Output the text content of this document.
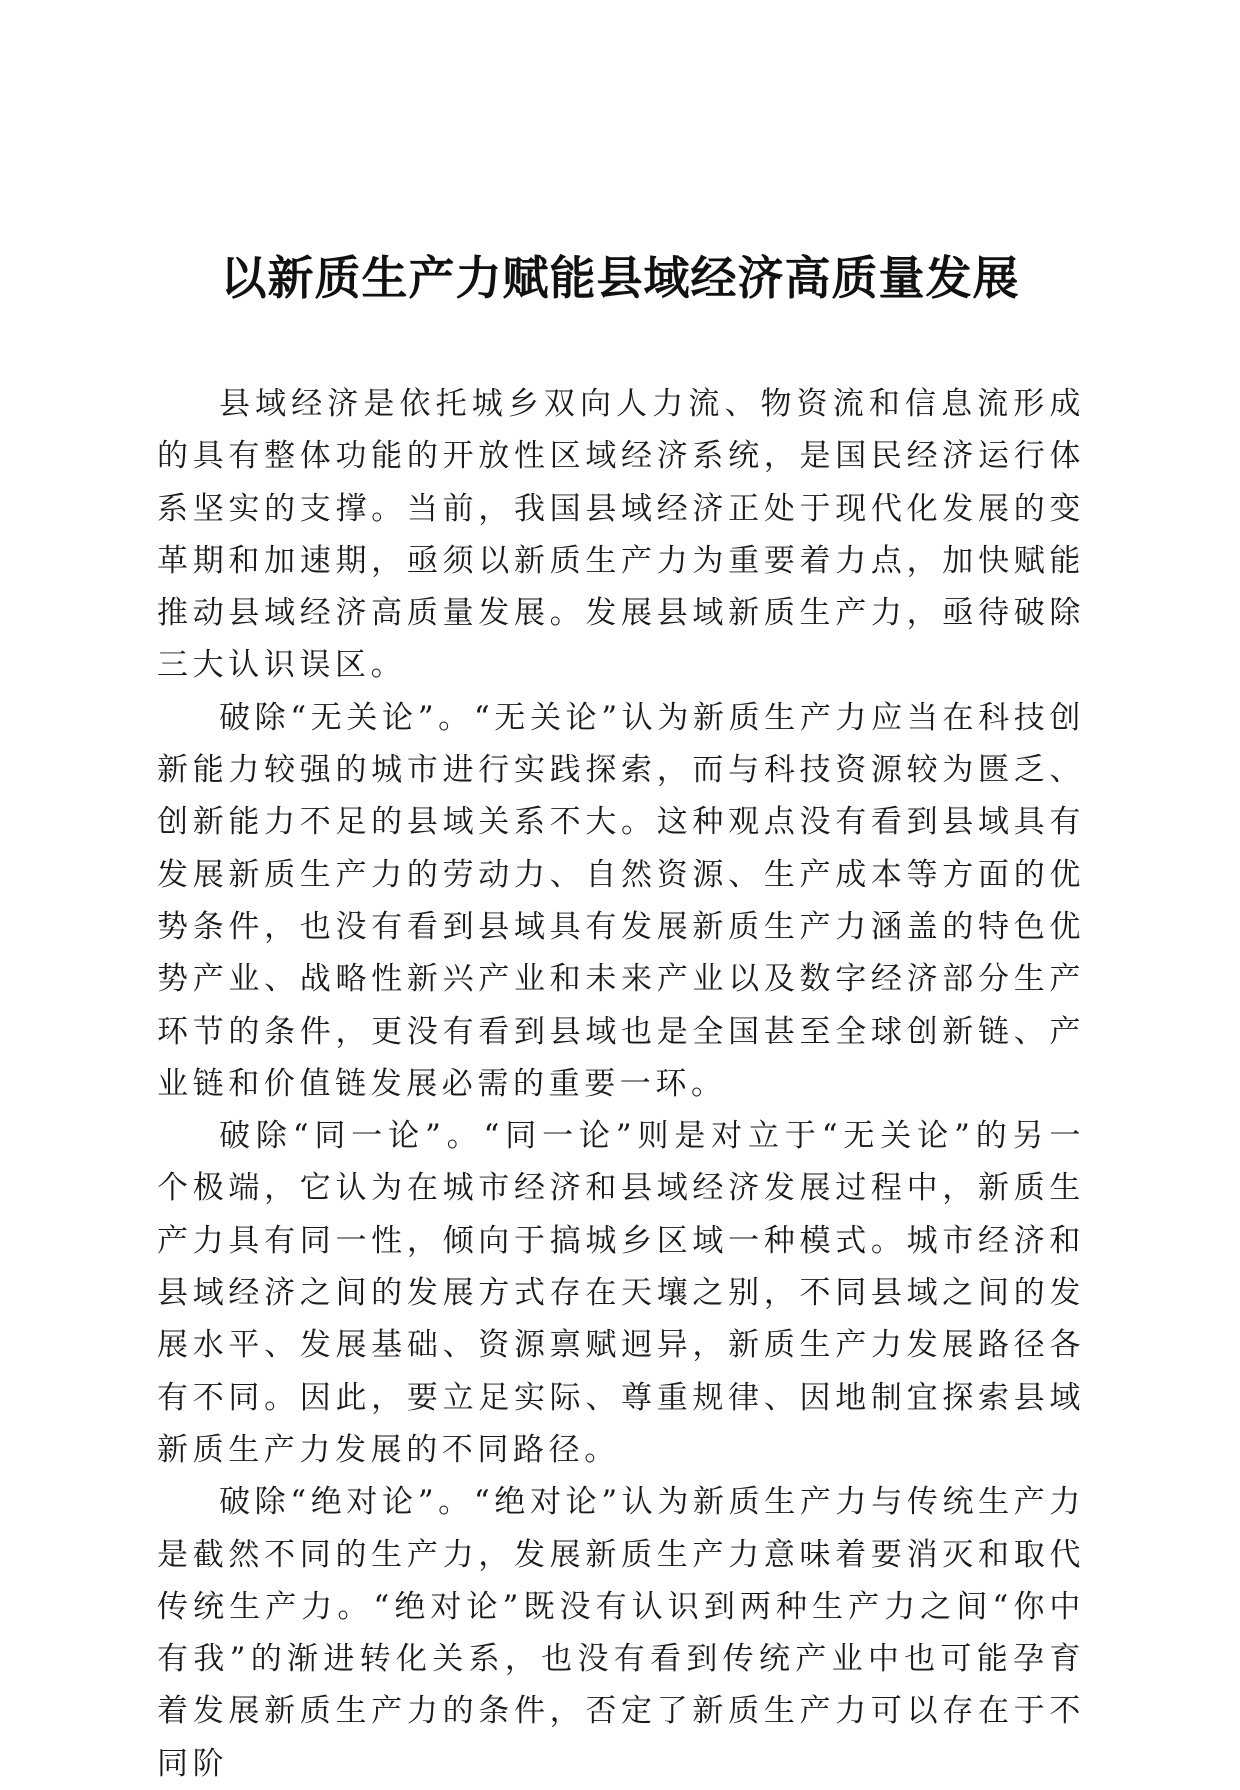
以新质生产力赋能县域经济高质量发展

县域经济是依托城乡双向人力流、物资流和信息流形成的具有整体功能的开放性区域经济系统，是国民经济运行体系坚实的支撑。当前，我国县域经济正处于现代化发展的变革期和加速期，亟须以新质生产力为重要着力点，加快赋能推动县域经济高质量发展。发展县域新质生产力，亟待破除三大认识误区。

破除“无关论”。“无关论”认为新质生产力应当在科技创新能力较强的城市进行实践探索，而与科技资源较为匮乏、创新能力不足的县域关系不大。这种观点没有看到县域具有发展新质生产力的劳动力、自然资源、生产成本等方面的优势条件，也没有看到县域具有发展新质生产力涵盖的特色优势产业、战略性新兴产业和未来产业以及数字经济部分生产环节的条件，更没有看到县域也是全国甚至全球创新链、产业链和价值链发展必需的重要一环。

破除“同一论”。“同一论”则是对立于“无关论”的另一个极端，它认为在城市经济和县域经济发展过程中，新质生产力具有同一性，倾向于搞城乡区域一种模式。城市经济和县域经济之间的发展方式存在天壤之别，不同县域之间的发展水平、发展基础、资源禀赋迥异，新质生产力发展路径各有不同。因此，要立足实际、尊重规律、因地制宜探索县域新质生产力发展的不同路径。

破除“绝对论”。“绝对论”认为新质生产力与传统生产力是截然不同的生产力，发展新质生产力意味着要消灭和取代传统生产力。“绝对论”既没有认识到两种生产力之间“你中有我”的渐进转化关系，也没有看到传统产业中也可能孕育着发展新质生产力的条件，否定了新质生产力可以存在于不同阶
